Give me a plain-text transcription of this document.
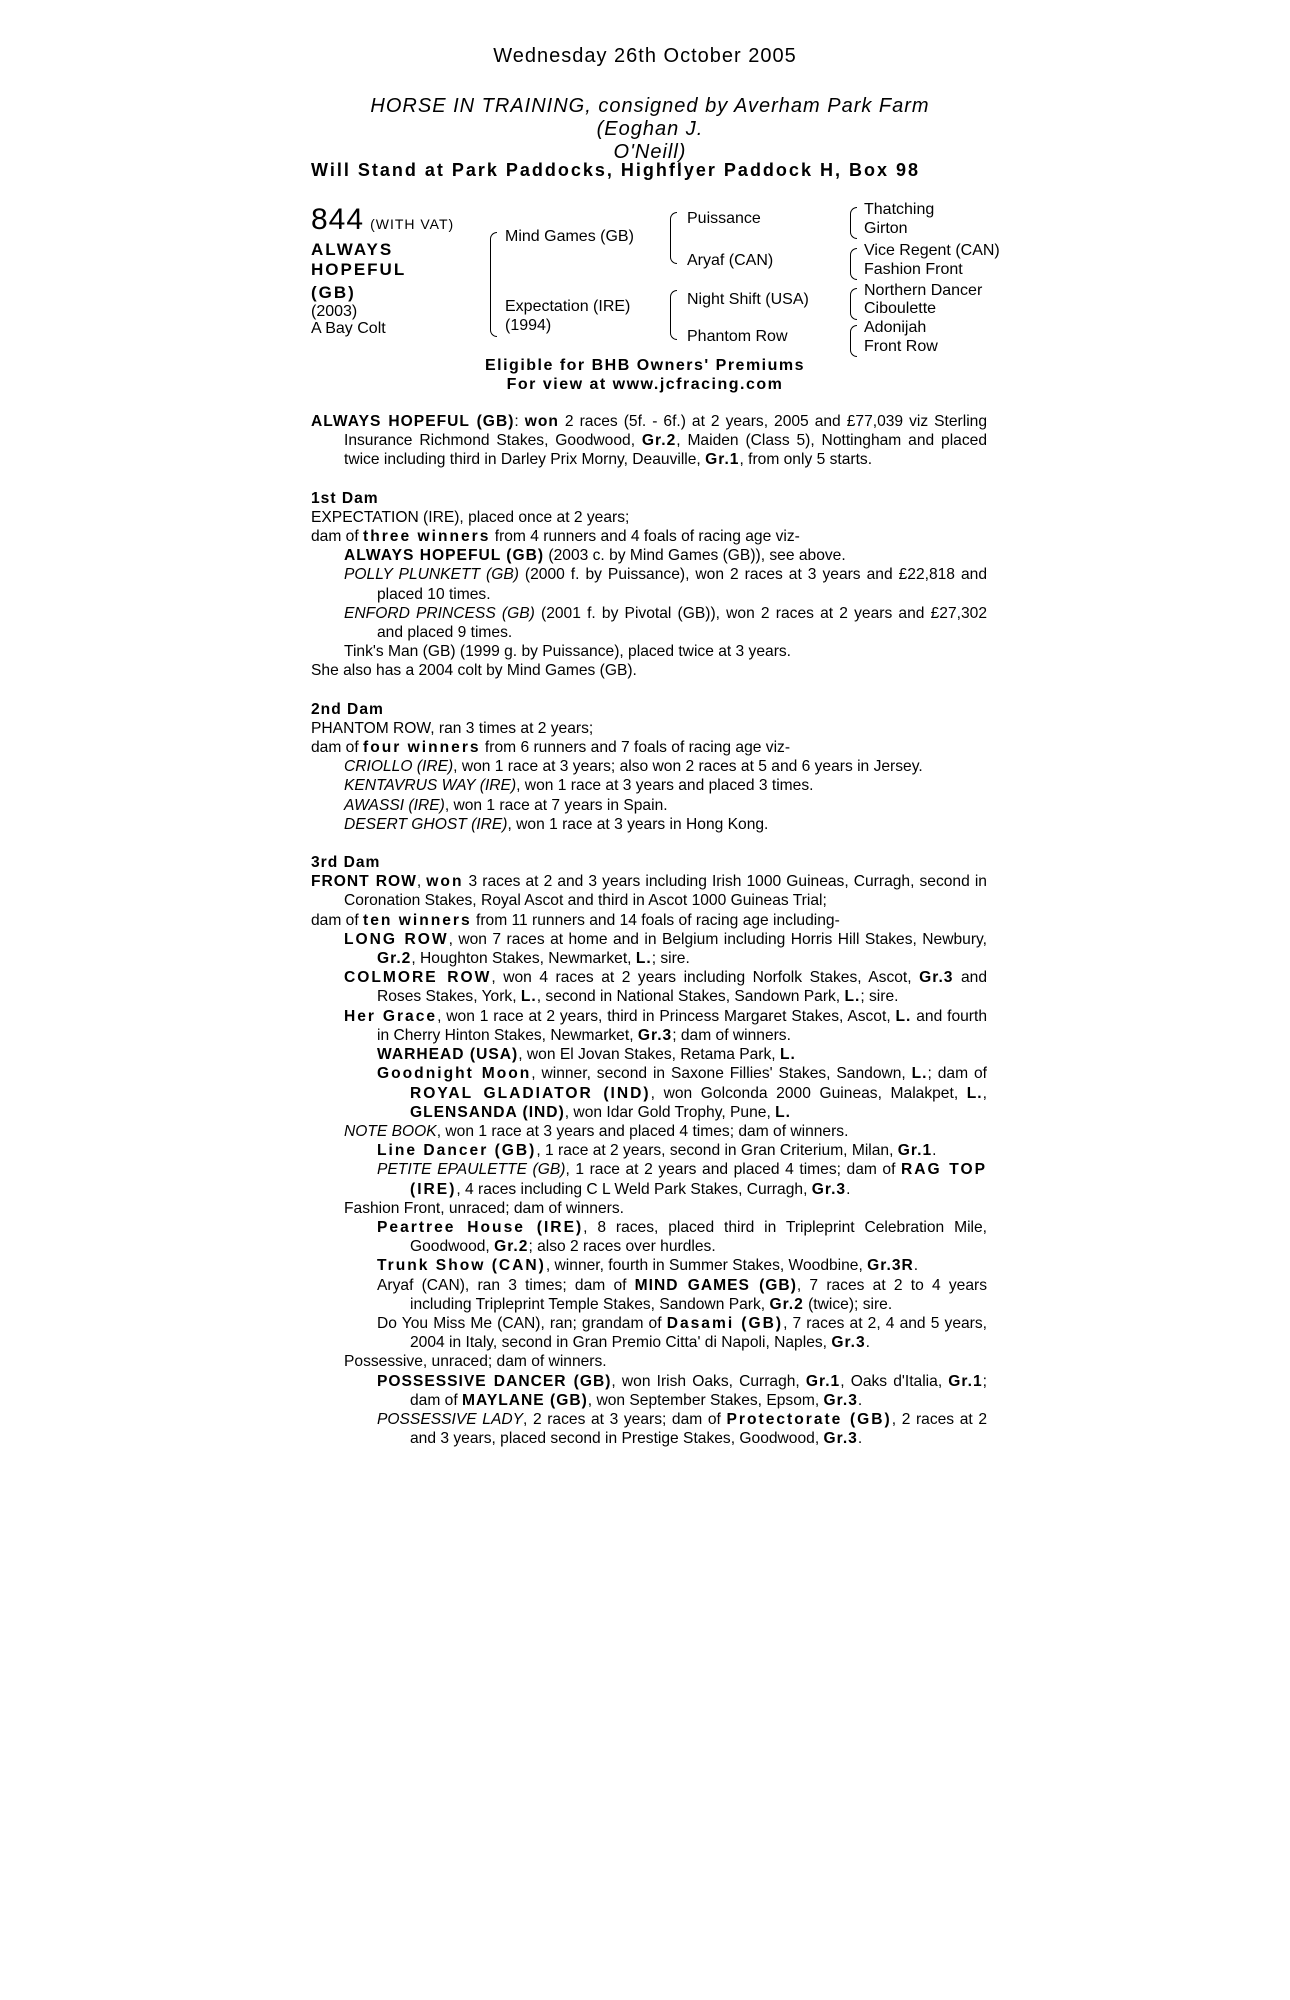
Wednesday 26th October 2005
HORSE IN TRAINING, consigned by Averham Park Farm (Eoghan J.
O'Neill)
Will Stand at Park Paddocks, Highflyer Paddock H, Box 98
844 (WITH VAT)
ALWAYS HOPEFUL
(GB)
(2003)
A Bay Colt
Mind Games (GB)
Expectation (IRE)
(1994)
Puissance
Aryaf (CAN)
Night Shift (USA)
Phantom Row
Thatching
Girton
Vice Regent (CAN)
Fashion Front
Northern Dancer
Ciboulette
Adonijah
Front Row
Eligible for BHB Owners' Premiums
For view at www.jcfracing.com
ALWAYS HOPEFUL (GB): won 2 races (5f. - 6f.) at 2 years, 2005 and £77,039 viz Sterling Insurance Richmond Stakes, Goodwood, Gr.2, Maiden (Class 5), Nottingham and placed twice including third in Darley Prix Morny, Deauville, Gr.1, from only 5 starts.
1st Dam
EXPECTATION (IRE), placed once at 2 years;
dam of three winners from 4 runners and 4 foals of racing age viz-
ALWAYS HOPEFUL (GB) (2003 c. by Mind Games (GB)), see above.
POLLY PLUNKETT (GB) (2000 f. by Puissance), won 2 races at 3 years and £22,818 and placed 10 times.
ENFORD PRINCESS (GB) (2001 f. by Pivotal (GB)), won 2 races at 2 years and £27,302 and placed 9 times.
Tink's Man (GB) (1999 g. by Puissance), placed twice at 3 years.
She also has a 2004 colt by Mind Games (GB).
2nd Dam
PHANTOM ROW, ran 3 times at 2 years;
dam of four winners from 6 runners and 7 foals of racing age viz-
CRIOLLO (IRE), won 1 race at 3 years; also won 2 races at 5 and 6 years in Jersey.
KENTAVRUS WAY (IRE), won 1 race at 3 years and placed 3 times.
AWASSI (IRE), won 1 race at 7 years in Spain.
DESERT GHOST (IRE), won 1 race at 3 years in Hong Kong.
3rd Dam
FRONT ROW, won 3 races at 2 and 3 years including Irish 1000 Guineas, Curragh, second in Coronation Stakes, Royal Ascot and third in Ascot 1000 Guineas Trial;
dam of ten winners from 11 runners and 14 foals of racing age including-
LONG ROW, won 7 races at home and in Belgium including Horris Hill Stakes, Newbury, Gr.2, Houghton Stakes, Newmarket, L.; sire.
COLMORE ROW, won 4 races at 2 years including Norfolk Stakes, Ascot, Gr.3 and Roses Stakes, York, L., second in National Stakes, Sandown Park, L.; sire.
Her Grace, won 1 race at 2 years, third in Princess Margaret Stakes, Ascot, L. and fourth in Cherry Hinton Stakes, Newmarket, Gr.3; dam of winners.
WARHEAD (USA), won El Jovan Stakes, Retama Park, L.
Goodnight Moon, winner, second in Saxone Fillies' Stakes, Sandown, L.; dam of ROYAL GLADIATOR (IND), won Golconda 2000 Guineas, Malakpet, L., GLENSANDA (IND), won Idar Gold Trophy, Pune, L.
NOTE BOOK, won 1 race at 3 years and placed 4 times; dam of winners.
Line Dancer (GB), 1 race at 2 years, second in Gran Criterium, Milan, Gr.1.
PETITE EPAULETTE (GB), 1 race at 2 years and placed 4 times; dam of RAG TOP (IRE), 4 races including C L Weld Park Stakes, Curragh, Gr.3.
Fashion Front, unraced; dam of winners.
Peartree House (IRE), 8 races, placed third in Tripleprint Celebration Mile, Goodwood, Gr.2; also 2 races over hurdles.
Trunk Show (CAN), winner, fourth in Summer Stakes, Woodbine, Gr.3R.
Aryaf (CAN), ran 3 times; dam of MIND GAMES (GB), 7 races at 2 to 4 years including Tripleprint Temple Stakes, Sandown Park, Gr.2 (twice); sire.
Do You Miss Me (CAN), ran; grandam of Dasami (GB), 7 races at 2, 4 and 5 years, 2004 in Italy, second in Gran Premio Citta' di Napoli, Naples, Gr.3.
Possessive, unraced; dam of winners.
POSSESSIVE DANCER (GB), won Irish Oaks, Curragh, Gr.1, Oaks d'Italia, Gr.1; dam of MAYLANE (GB), won September Stakes, Epsom, Gr.3.
POSSESSIVE LADY, 2 races at 3 years; dam of Protectorate (GB), 2 races at 2 and 3 years, placed second in Prestige Stakes, Goodwood, Gr.3.
